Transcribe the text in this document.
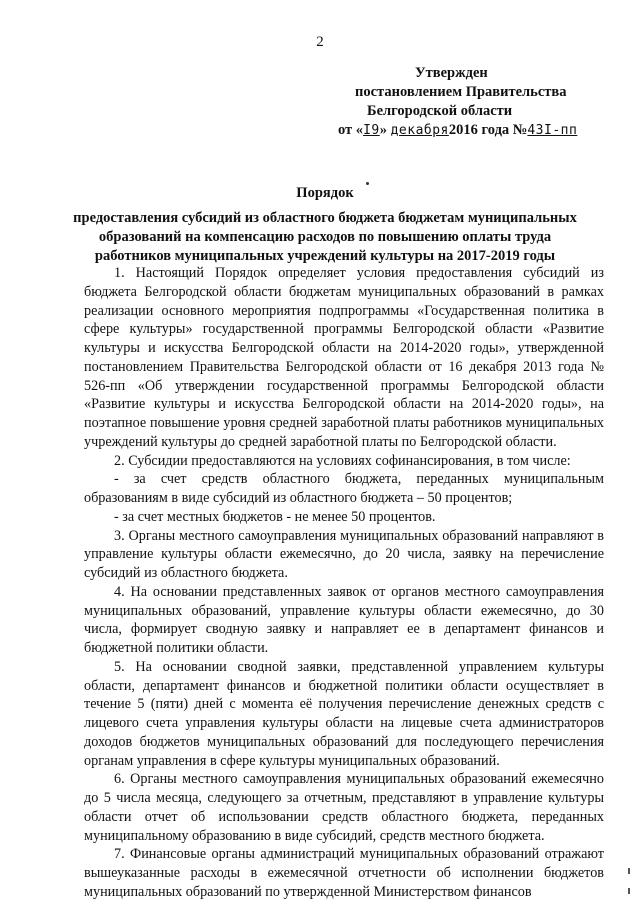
2
Утвержден
постановлением Правительства
Белгородской области
от «I9» декабря2016 года №43I-пп
Порядок
предоставления субсидий из областного бюджета бюджетам муниципальных образований на компенсацию расходов по повышению оплаты труда работников муниципальных учреждений культуры на 2017-2019 годы

1. Настоящий Порядок определяет условия предоставления субсидий из бюджета Белгородской области бюджетам муниципальных образований в рамках реализации основного мероприятия подпрограммы «Государственная политика в сфере культуры» государственной программы Белгородской области «Развитие культуры и искусства Белгородской области на 2014-2020 годы», утвержденной постановлением Правительства Белгородской области от 16 декабря 2013 года № 526-пп «Об утверждении государственной программы Белгородской области «Развитие культуры и искусства Белгородской области на 2014-2020 годы», на поэтапное повышение уровня средней заработной платы работников муниципальных учреждений культуры до средней заработной платы по Белгородской области.

2. Субсидии предоставляются на условиях софинансирования, в том числе:

- за счет средств областного бюджета, переданных муниципальным образованиям в виде субсидий из областного бюджета – 50 процентов;

- за счет местных бюджетов - не менее 50 процентов.

3. Органы местного самоуправления муниципальных образований направляют в управление культуры области ежемесячно, до 20 числа, заявку на перечисление субсидий из областного бюджета.

4. На основании представленных заявок от органов местного самоуправления муниципальных образований, управление культуры области ежемесячно, до 30 числа, формирует сводную заявку и направляет ее в департамент финансов и бюджетной политики области.

5. На основании сводной заявки, представленной управлением культуры области, департамент финансов и бюджетной политики области осуществляет в течение 5 (пяти) дней с момента её получения перечисление денежных средств с лицевого счета управления культуры области на лицевые счета администраторов доходов бюджетов муниципальных образований для последующего перечисления органам управления в сфере культуры муниципальных образований.

6. Органы местного самоуправления муниципальных образований ежемесячно до 5 числа месяца, следующего за отчетным, представляют в управление культуры области отчет об использовании средств областного бюджета, переданных муниципальному образованию в виде субсидий, средств местного бюджета.

7. Финансовые органы администраций муниципальных образований отражают вышеуказанные расходы в ежемесячной отчетности об исполнении бюджетов муниципальных образований по утвержденной Министерством финансов
